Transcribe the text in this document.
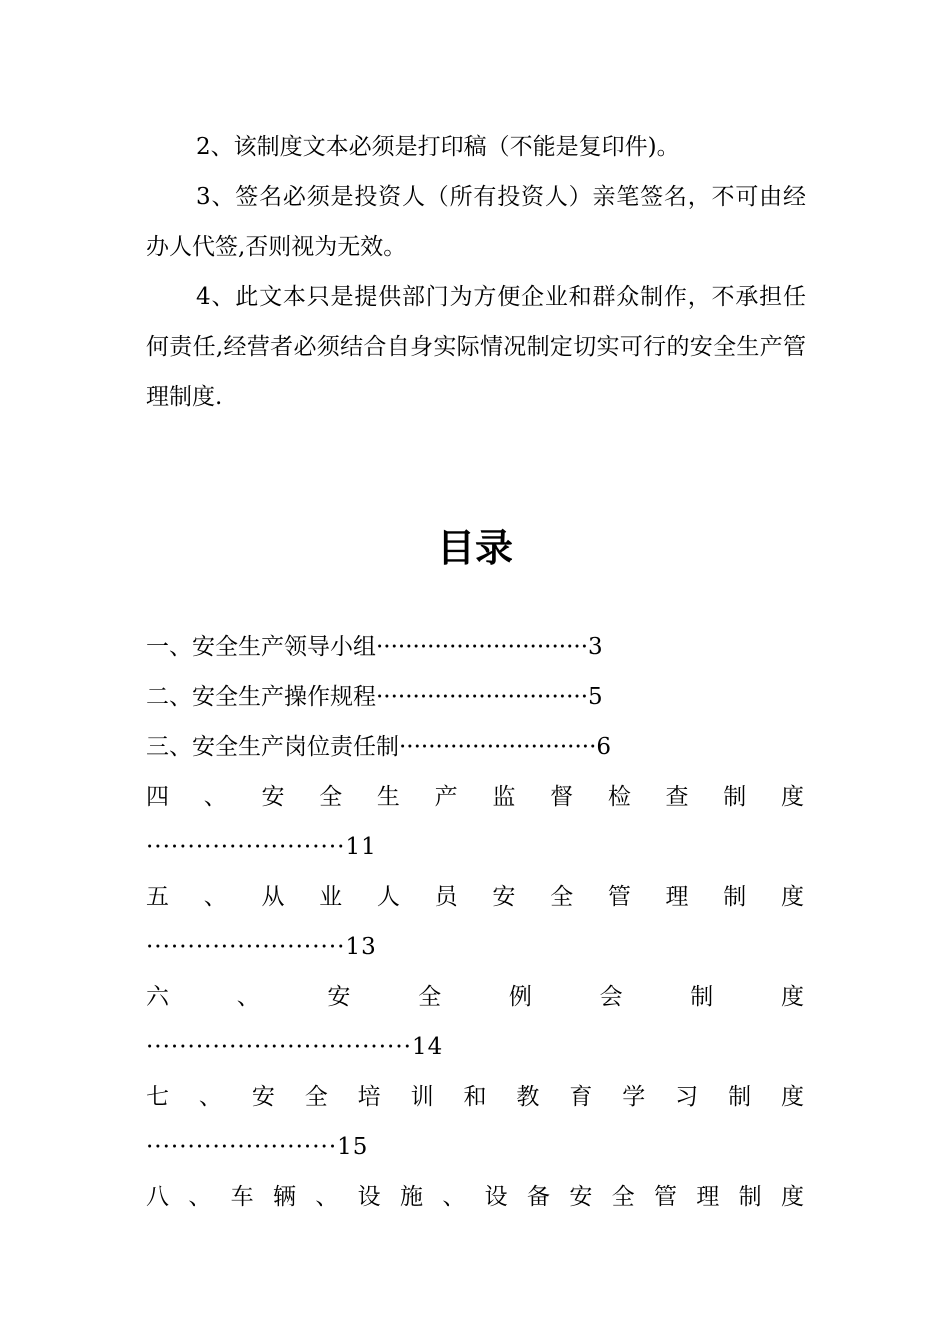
2、该制度文本必须是打印稿（不能是复印件)。

3、签名必须是投资人（所有投资人）亲笔签名，不可由经办人代签,否则视为无效。

4、此文本只是提供部门为方便企业和群众制作，不承担任何责任,经营者必须结合自身实际情况制定切实可行的安全生产管理制度.

目录
一、安全生产领导小组·····························3
二、安全生产操作规程·····························5
三、安全生产岗位责任制···························6
四 、 安 全 生 产 监 督 检 查 制 度
························11
五 、 从 业 人 员 安 全 管 理 制 度
························13
六 、 安 全 例 会 制 度
································14
七 、 安 全 培 训 和 教 育 学 习 制 度
·······················15
八 、 车 辆 、 设 施 、 设 备 安 全 管 理 制 度
